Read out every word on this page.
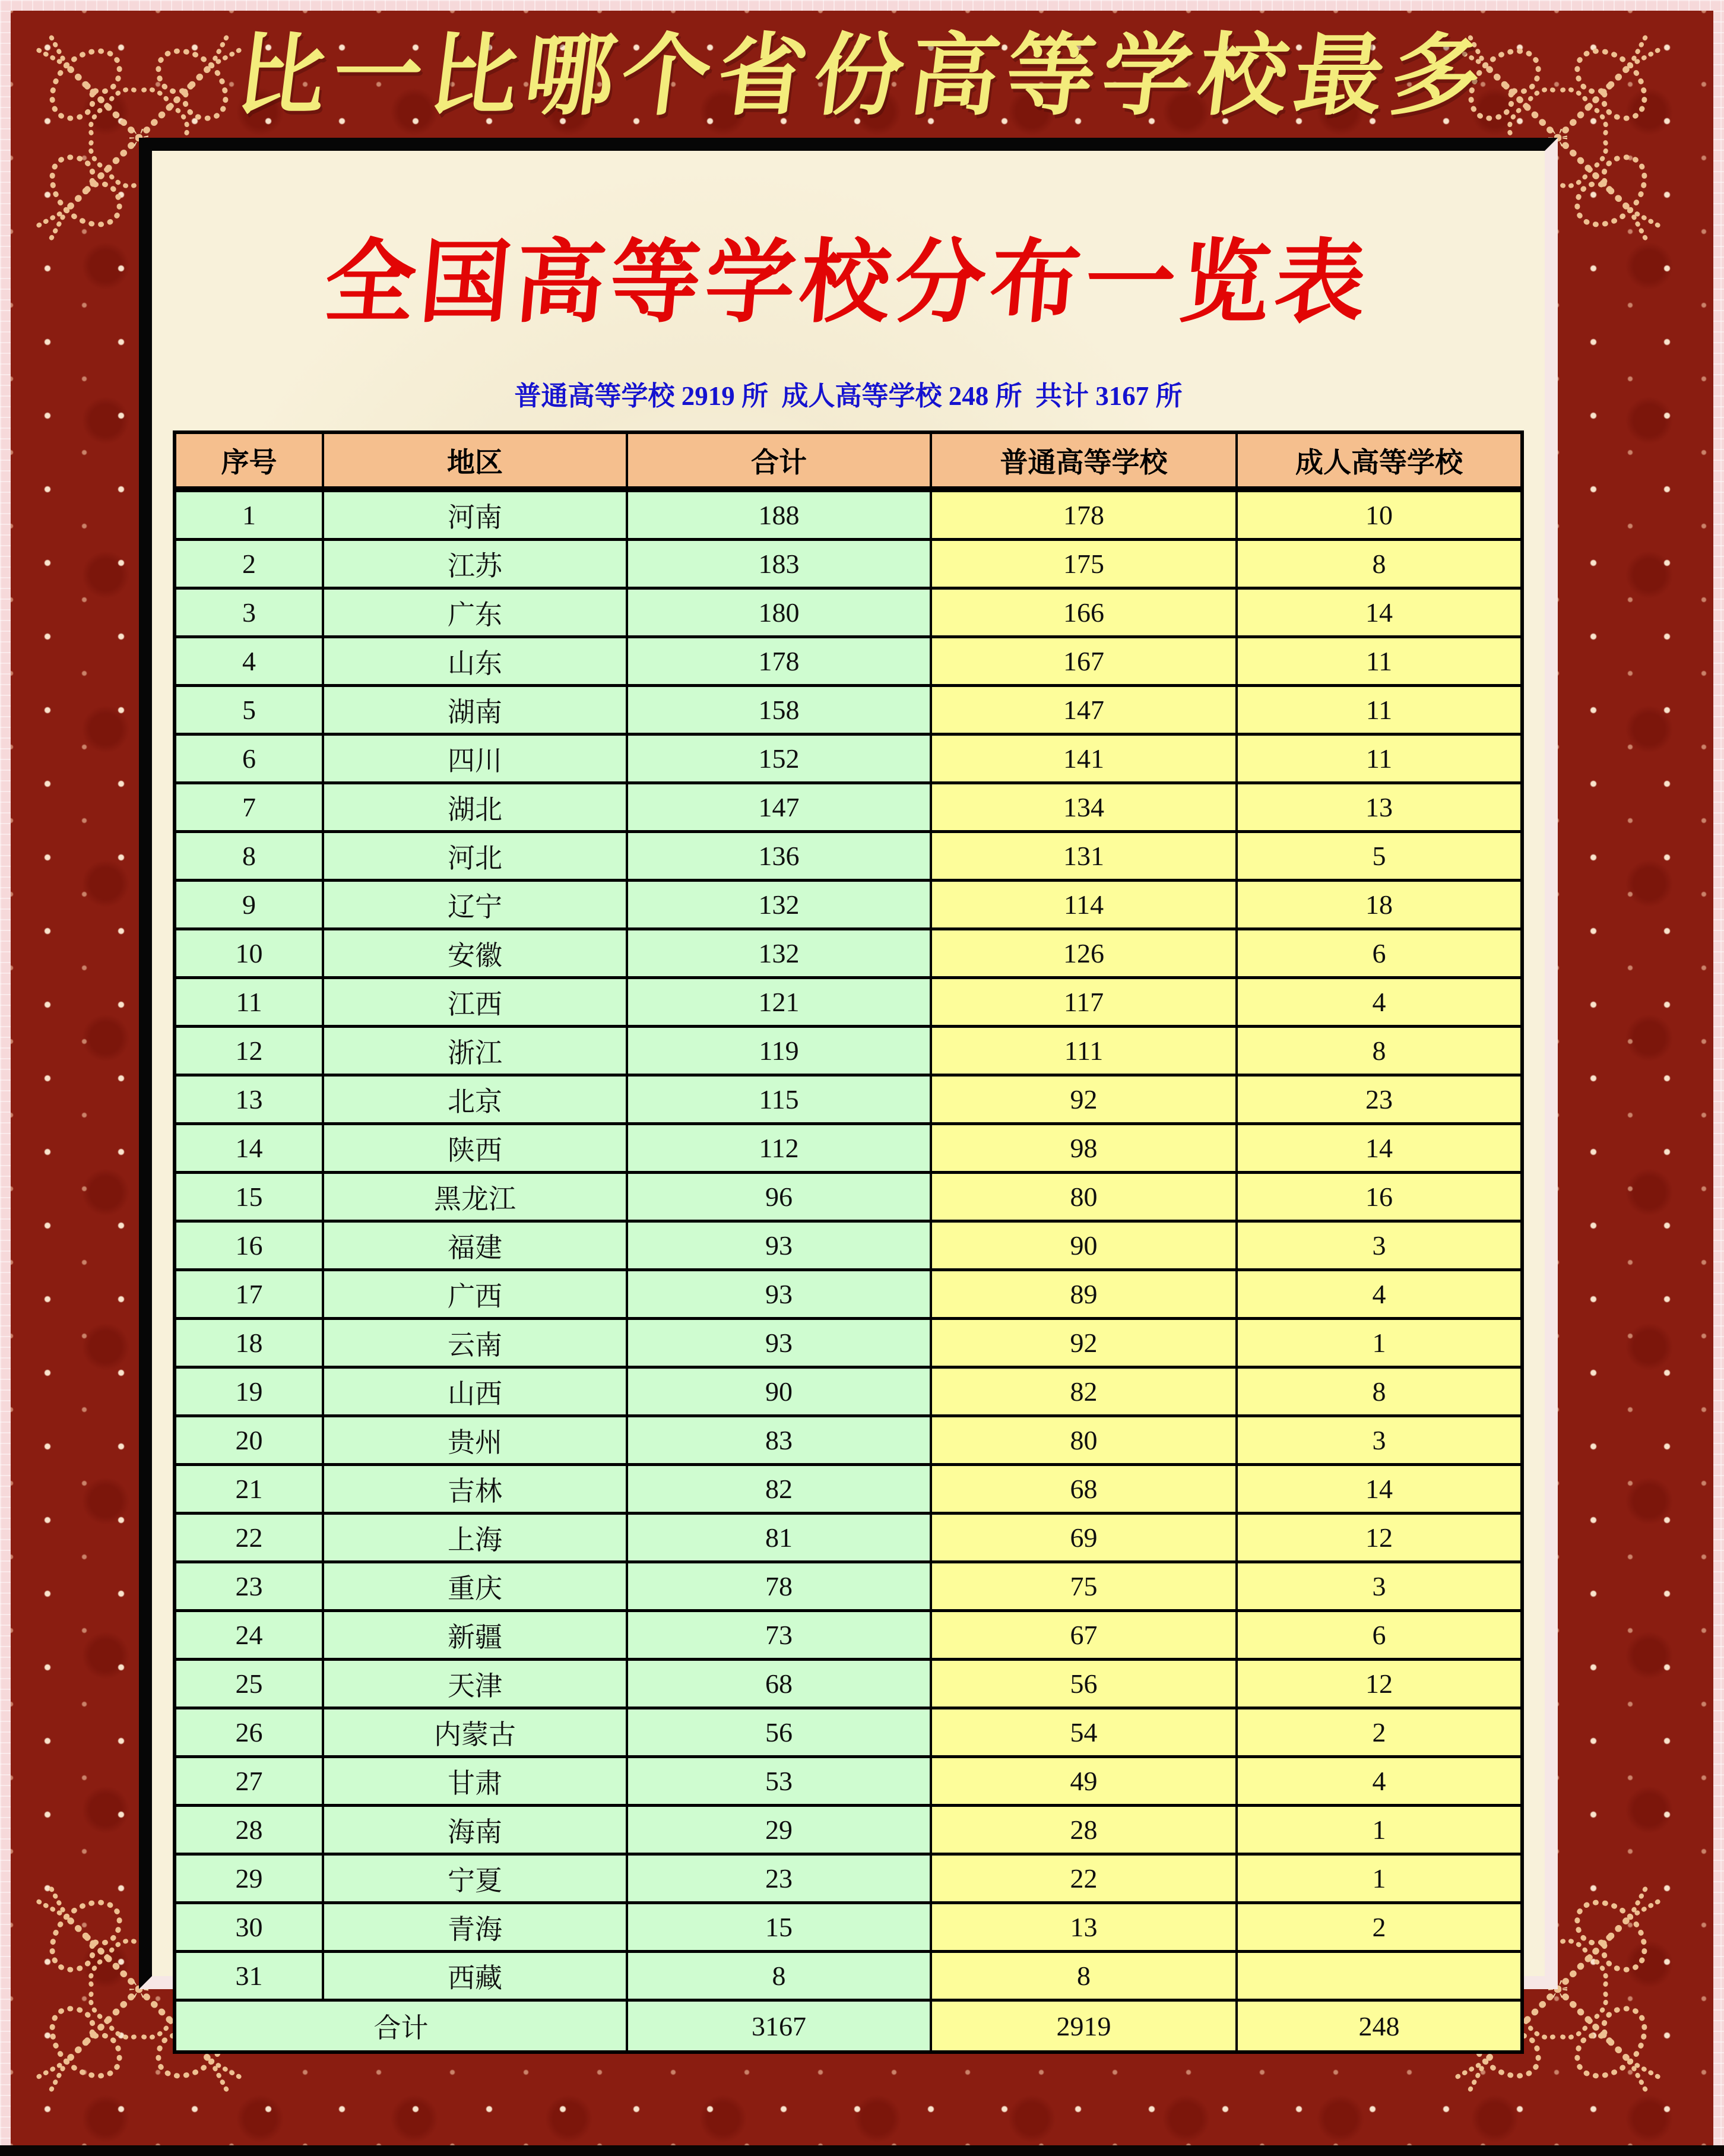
比一比哪个省份高等学校最多
全国高等学校分布一览表
普通高等学校 2919 所  成人高等学校 248 所  共计 3167 所
序号	地区	合计	普通高等学校	成人高等学校
1	河南	188	178	10
2	江苏	183	175	8
3	广东	180	166	14
4	山东	178	167	11
5	湖南	158	147	11
6	四川	152	141	11
7	湖北	147	134	13
8	河北	136	131	5
9	辽宁	132	114	18
10	安徽	132	126	6
11	江西	121	117	4
12	浙江	119	111	8
13	北京	115	92	23
14	陕西	112	98	14
15	黑龙江	96	80	16
16	福建	93	90	3
17	广西	93	89	4
18	云南	93	92	1
19	山西	90	82	8
20	贵州	83	80	3
21	吉林	82	68	14
22	上海	81	69	12
23	重庆	78	75	3
24	新疆	73	67	6
25	天津	68	56	12
26	内蒙古	56	54	2
27	甘肃	53	49	4
28	海南	29	28	1
29	宁夏	23	22	1
30	青海	15	13	2
31	西藏	8	8	
合计		3167	2919	248
